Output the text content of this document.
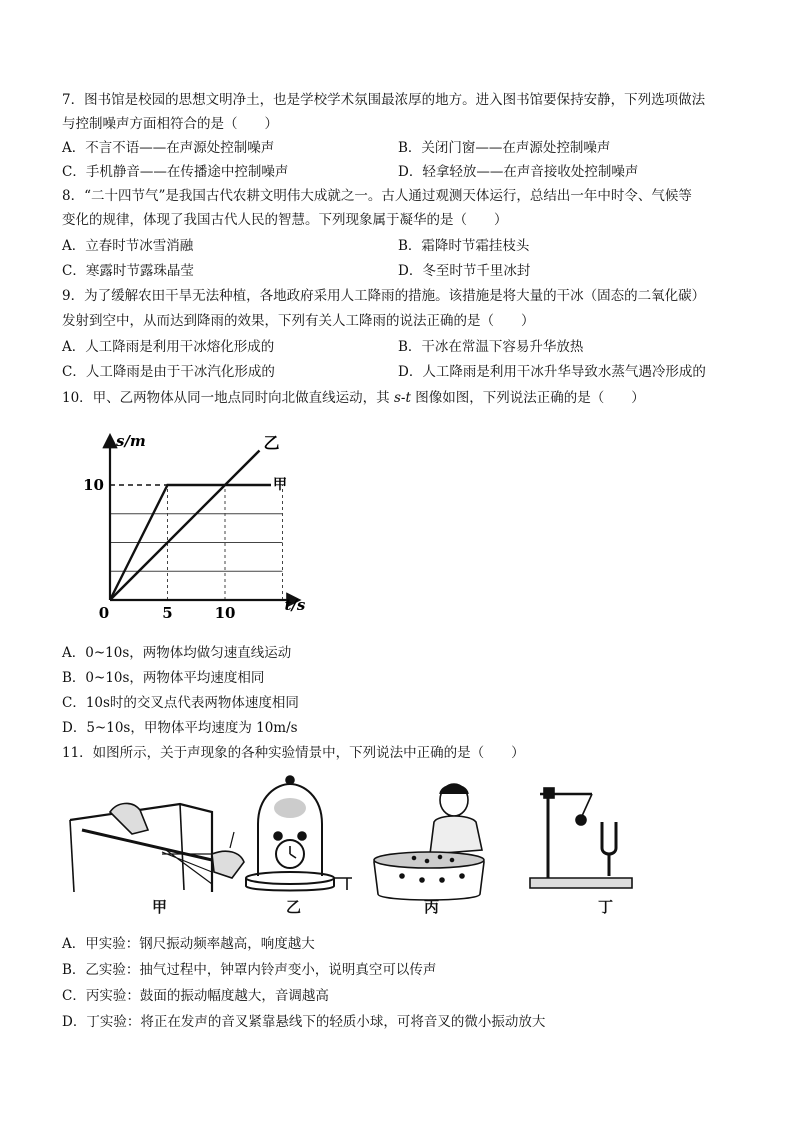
7．图书馆是校园的思想文明净土，也是学校学术氛围最浓厚的地方。进入图书馆要保持安静，下列选项做法
与控制噪声方面相符合的是（　　）
A．不言不语——在声源处控制噪声	B．关闭门窗——在声源处控制噪声
C．手机静音——在传播途中控制噪声	D．轻拿轻放——在声音接收处控制噪声
8．“二十四节气”是我国古代农耕文明伟大成就之一。古人通过观测天体运行，总结出一年中时令、气候等
变化的规律，体现了我国古代人民的智慧。下列现象属于凝华的是（　　）
A．立春时节冰雪消融	B．霜降时节霜挂枝头
C．寒露时节露珠晶莹	D．冬至时节千里冰封
9．为了缓解农田干旱无法种植，各地政府采用人工降雨的措施。该措施是将大量的干冰（固态的二氧化碳）
发射到空中，从而达到降雨的效果，下列有关人工降雨的说法正确的是（　　）
A．人工降雨是利用干冰熔化形成的	B．干冰在常温下容易升华放热
C．人工降雨是由于干冰汽化形成的	D．人工降雨是利用干冰升华导致水蒸气遇冷形成的
10．甲、乙两物体从同一地点同时向北做直线运动，其 s-t 图像如图，下列说法正确的是（　　）
s/m
t/s
0	5	10
10	甲
乙
A．0~10s，两物体均做匀速直线运动
B．0~10s，两物体平均速度相同
C．10s时的交叉点代表两物体速度相同
D．5~10s，甲物体平均速度为 10m/s
11．如图所示，关于声现象的各种实验情景中，下列说法中正确的是（　　）
甲	乙	丙	丁
A．甲实验：钢尺振动频率越高，响度越大
B．乙实验：抽气过程中，钟罩内铃声变小，说明真空可以传声
C．丙实验：鼓面的振动幅度越大，音调越高
D．丁实验：将正在发声的音叉紧靠悬线下的轻质小球，可将音叉的微小振动放大
